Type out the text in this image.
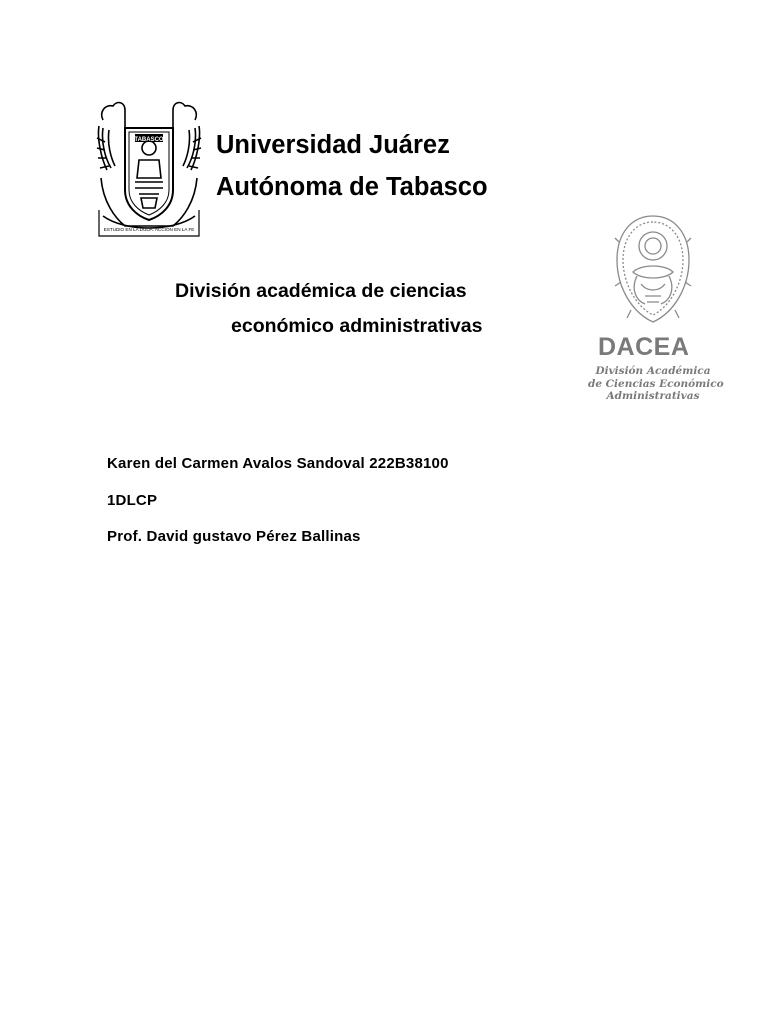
TABASCO
ESTUDIO EN LA DUDA. ACCIÓN EN LA FE
Universidad Juárez
Autónoma de Tabasco
División académica de ciencias
económico administrativas
DACEA
División Académica
de Ciencias Económico
Administrativas
Karen del Carmen Avalos Sandoval 222B38100
1DLCP
Prof. David gustavo Pérez Ballinas
